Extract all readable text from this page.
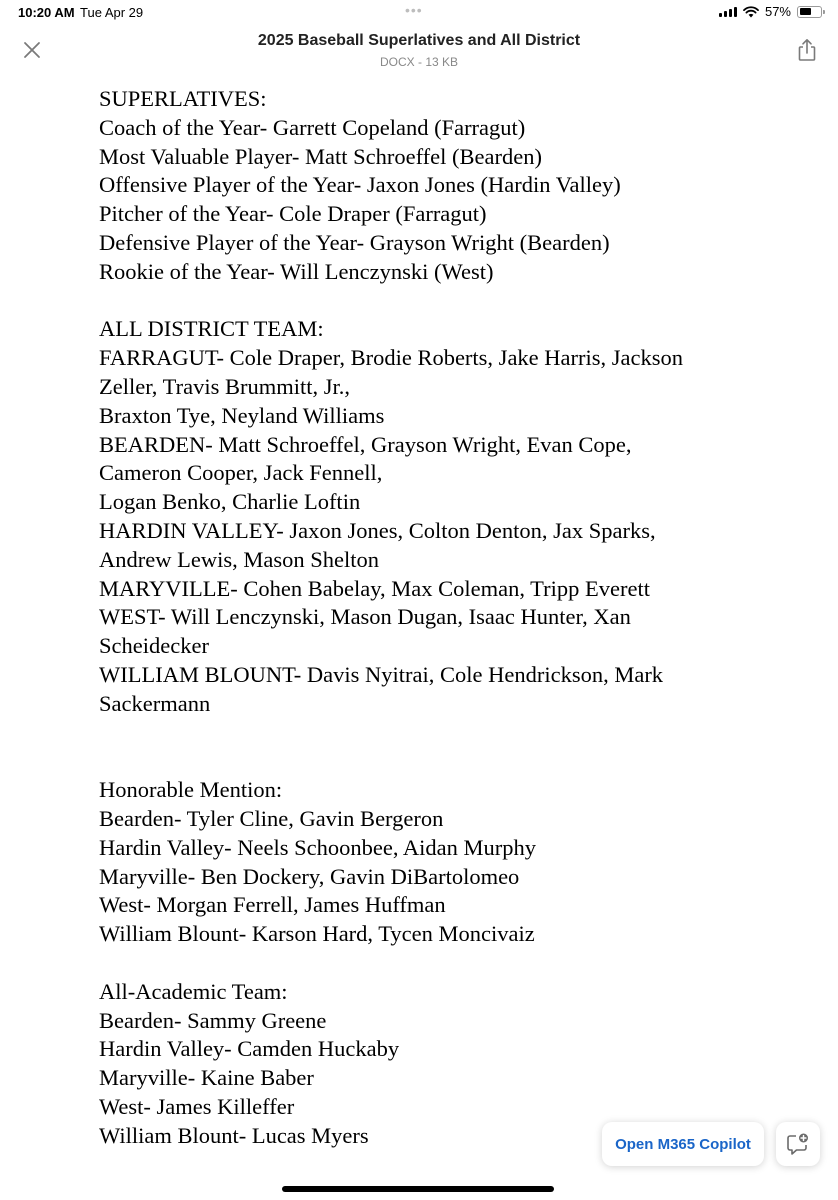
10:20 AM Tue Apr 29	•••	57%
2025 Baseball Superlatives and All District
DOCX - 13 KB
SUPERLATIVES:
Coach of the Year- Garrett Copeland (Farragut)
Most Valuable Player- Matt Schroeffel (Bearden)
Offensive Player of the Year- Jaxon Jones (Hardin Valley)
Pitcher of the Year- Cole Draper (Farragut)
Defensive Player of the Year- Grayson Wright (Bearden)
Rookie of the Year- Will Lenczynski (West)
ALL DISTRICT TEAM:
FARRAGUT- Cole Draper, Brodie Roberts, Jake Harris, Jackson
Zeller, Travis Brummitt, Jr.,
Braxton Tye, Neyland Williams
BEARDEN- Matt Schroeffel, Grayson Wright, Evan Cope,
Cameron Cooper, Jack Fennell,
Logan Benko, Charlie Loftin
HARDIN VALLEY- Jaxon Jones, Colton Denton, Jax Sparks,
Andrew Lewis, Mason Shelton
MARYVILLE- Cohen Babelay, Max Coleman, Tripp Everett
WEST- Will Lenczynski, Mason Dugan, Isaac Hunter, Xan
Scheidecker
WILLIAM BLOUNT- Davis Nyitrai, Cole Hendrickson, Mark
Sackermann
Honorable Mention:
Bearden- Tyler Cline, Gavin Bergeron
Hardin Valley- Neels Schoonbee, Aidan Murphy
Maryville- Ben Dockery, Gavin DiBartolomeo
West- Morgan Ferrell, James Huffman
William Blount- Karson Hard, Tycen Moncivaiz
All-Academic Team:
Bearden- Sammy Greene
Hardin Valley- Camden Huckaby
Maryville- Kaine Baber
West- James Killeffer
William Blount- Lucas Myers	Open M365 Copilot
